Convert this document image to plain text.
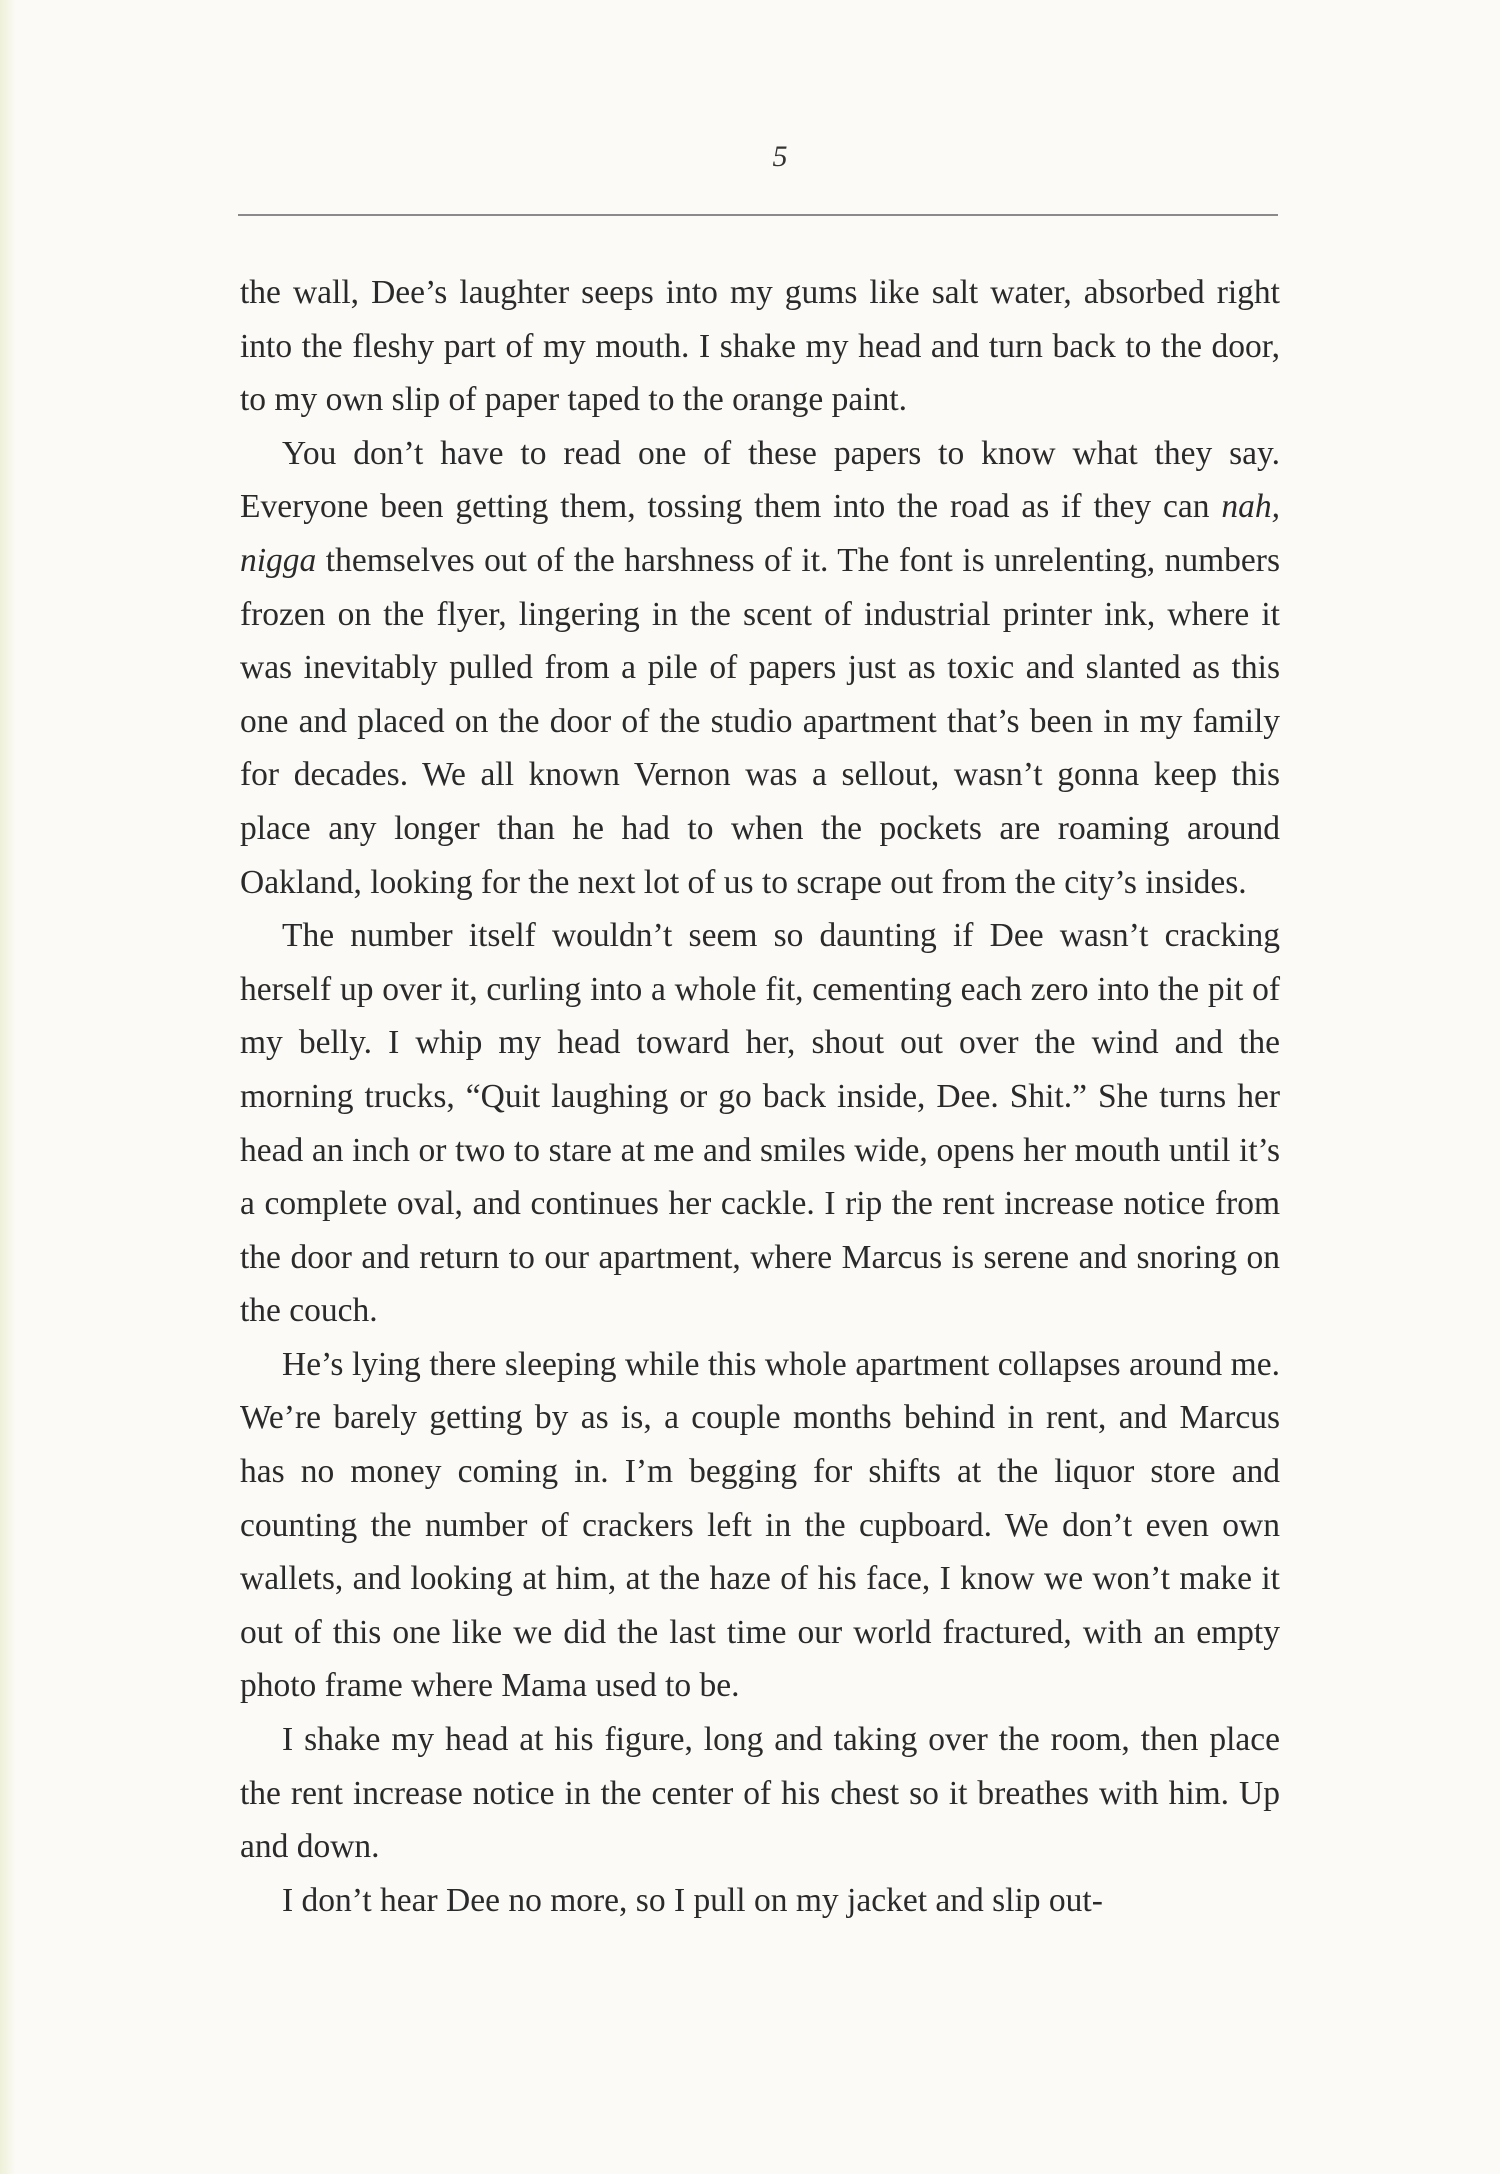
5

the wall, Dee’s laughter seeps into my gums like salt water, absorbed right into the fleshy part of my mouth. I shake my head and turn back to the door, to my own slip of paper taped to the orange paint.

You don’t have to read one of these papers to know what they say. Everyone been getting them, tossing them into the road as if they can nah, nigga themselves out of the harshness of it. The font is unrelenting, numbers frozen on the flyer, lingering in the scent of industrial printer ink, where it was inevitably pulled from a pile of papers just as toxic and slanted as this one and placed on the door of the studio apartment that’s been in my family for decades. We all known Vernon was a sellout, wasn’t gonna keep this place any longer than he had to when the pockets are roaming around Oakland, looking for the next lot of us to scrape out from the city’s insides.

The number itself wouldn’t seem so daunting if Dee wasn’t cracking herself up over it, curling into a whole fit, cementing each zero into the pit of my belly. I whip my head toward her, shout out over the wind and the morning trucks, “Quit laughing or go back inside, Dee. Shit.” She turns her head an inch or two to stare at me and smiles wide, opens her mouth until it’s a complete oval, and continues her cackle. I rip the rent increase notice from the door and return to our apartment, where Marcus is serene and snoring on the couch.

He’s lying there sleeping while this whole apartment collapses around me. We’re barely getting by as is, a couple months behind in rent, and Marcus has no money coming in. I’m begging for shifts at the liquor store and counting the number of crackers left in the cupboard. We don’t even own wallets, and looking at him, at the haze of his face, I know we won’t make it out of this one like we did the last time our world fractured, with an empty photo frame where Mama used to be.

I shake my head at his figure, long and taking over the room, then place the rent increase notice in the center of his chest so it breathes with him. Up and down.

I don’t hear Dee no more, so I pull on my jacket and slip out-
